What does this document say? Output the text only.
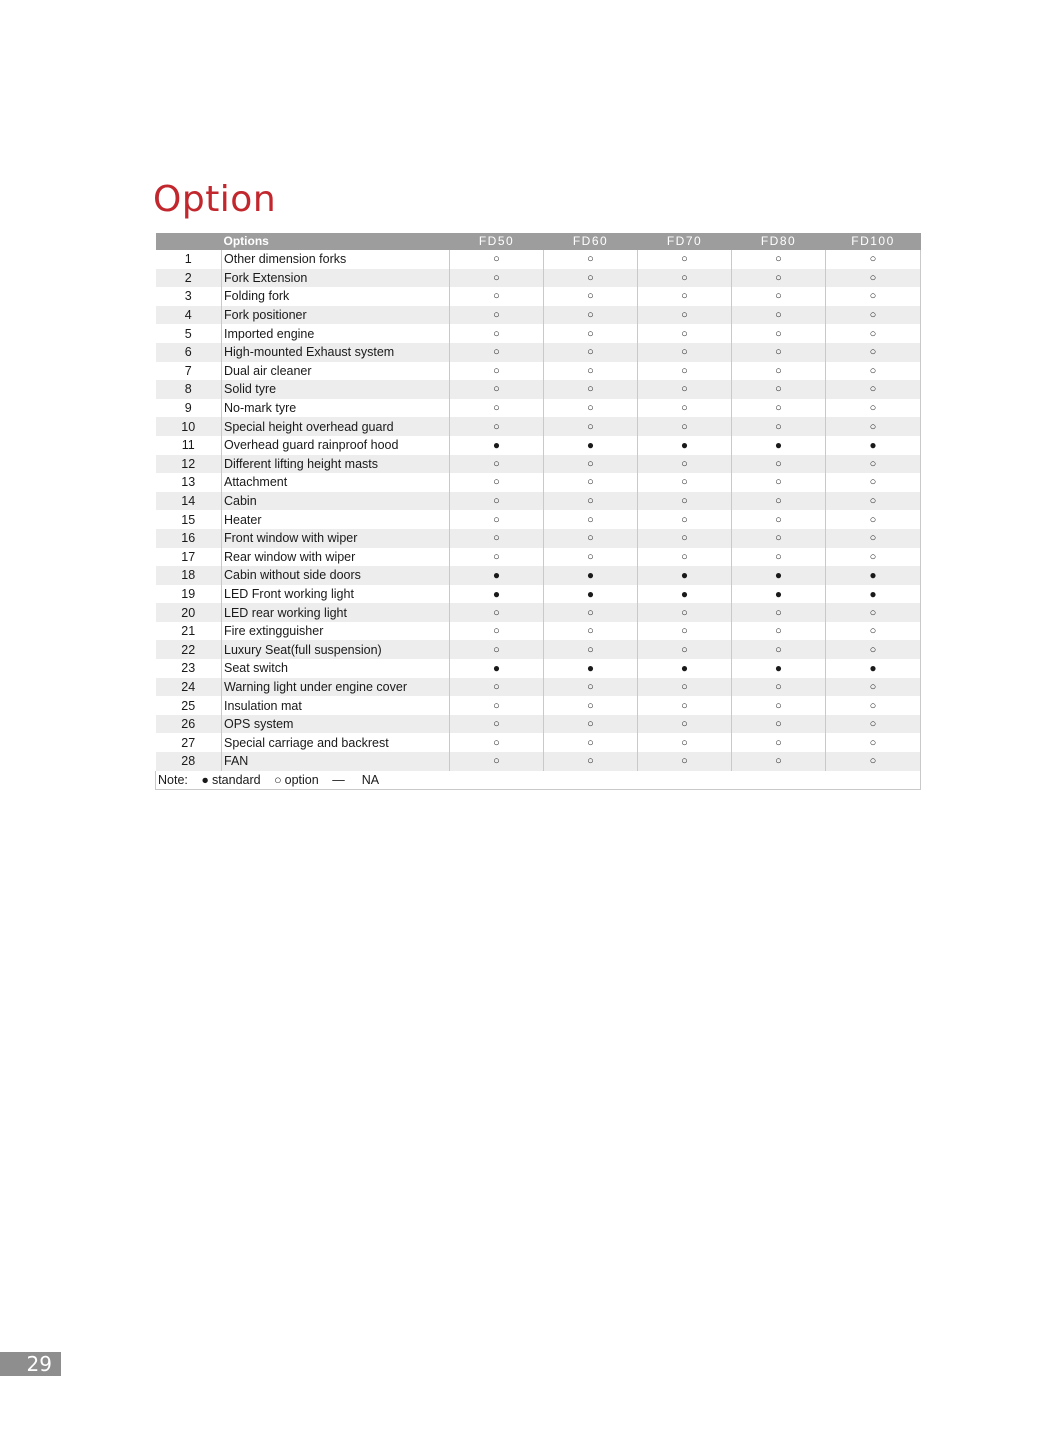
Option
	Options	FD50	FD60	FD70	FD80	FD100
1	Other dimension forks	○	○	○	○	○
2	Fork Extension	○	○	○	○	○
3	Folding fork	○	○	○	○	○
4	Fork positioner	○	○	○	○	○
5	Imported engine	○	○	○	○	○
6	High-mounted Exhaust system	○	○	○	○	○
7	Dual air cleaner	○	○	○	○	○
8	Solid tyre	○	○	○	○	○
9	No-mark tyre	○	○	○	○	○
10	Special height overhead guard	○	○	○	○	○
11	Overhead guard rainproof hood	●	●	●	●	●
12	Different lifting height masts	○	○	○	○	○
13	Attachment	○	○	○	○	○
14	Cabin	○	○	○	○	○
15	Heater	○	○	○	○	○
16	Front window with wiper	○	○	○	○	○
17	Rear window with wiper	○	○	○	○	○
18	Cabin without side doors	●	●	●	●	●
19	LED Front working light	●	●	●	●	●
20	LED rear working light	○	○	○	○	○
21	Fire extingguisher	○	○	○	○	○
22	Luxury Seat(full suspension)	○	○	○	○	○
23	Seat switch	●	●	●	●	●
24	Warning light under engine cover	○	○	○	○	○
25	Insulation mat	○	○	○	○	○
26	OPS system	○	○	○	○	○
27	Special carriage and backrest	○	○	○	○	○
28	FAN	○	○	○	○	○
Note: ● standard ○ option — NA						
29
